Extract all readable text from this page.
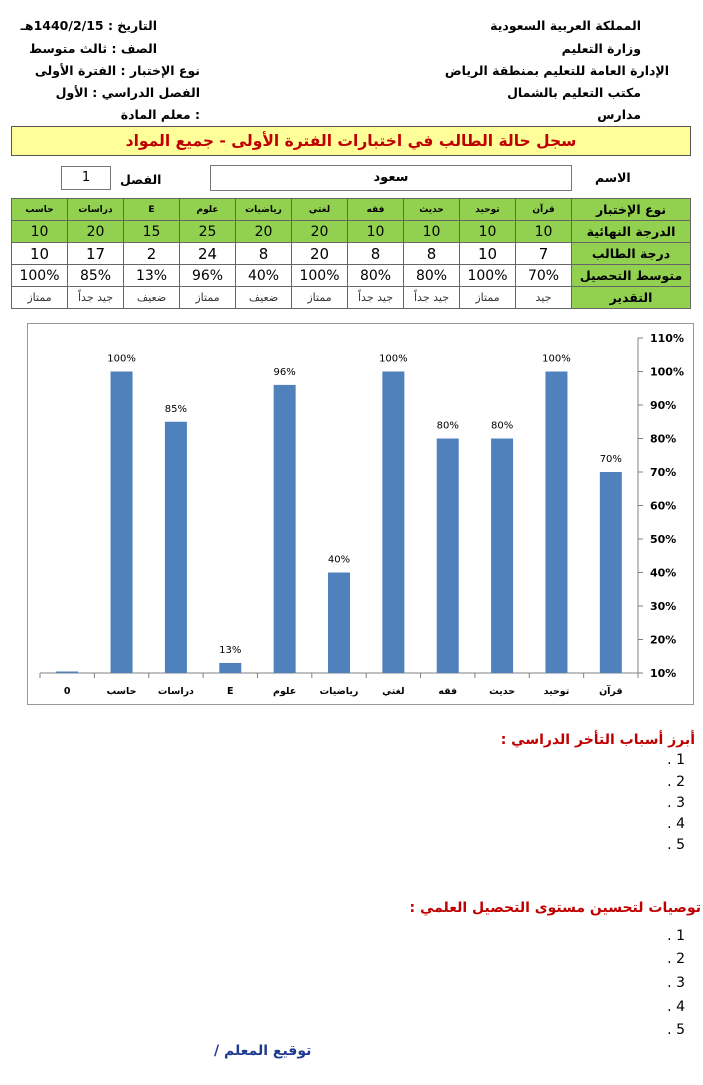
المملكة العربية السعودية
وزارة التعليم
الإدارة العامة للتعليم بمنطقة الرياض
مكتب التعليم بالشمال
مدارس
التاريخ : 1440/2/15هـ
الصف : ثالث متوسط
نوع الإختبار : الفترة الأولى
الفصل الدراسي : الأول
معلم المادة :
سجل حالة الطالب في اختبارات الفترة الأولى - جميع المواد
الاسم
سعود
الفصل
1
نوع الإختبار	قرآن	توحيد	حديث	فقه	لغتي	رياضيات	علوم	E	دراسات	حاسب
الدرجة النهائية	10	10	10	10	20	20	25	15	20	10
درجة الطالب	7	10	8	8	20	8	24	2	17	10
متوسط التحصيل	70%	100%	80%	80%	100%	40%	96%	13%	85%	100%
التقدير	جيد	ممتاز	جيد جداً	جيد جداً	ممتاز	ضعيف	ممتاز	ضعيف	جيد جداً	ممتاز
10%
20%
30%
40%
50%
60%
70%
80%
90%
100%
110%
70%
قرآن
100%
توحيد
80%
حديث
80%
فقه
100%
لغتي
40%
رياضيات
96%
علوم
13%
E
85%
دراسات
100%
حاسب
0
أبرز أسباب التأخر الدراسي :
1 .
2 .
3 .
4 .
5 .
توصيات لتحسين مستوى التحصيل العلمي :
1 .
2 .
3 .
4 .
5 .
توقيع المعلم /
